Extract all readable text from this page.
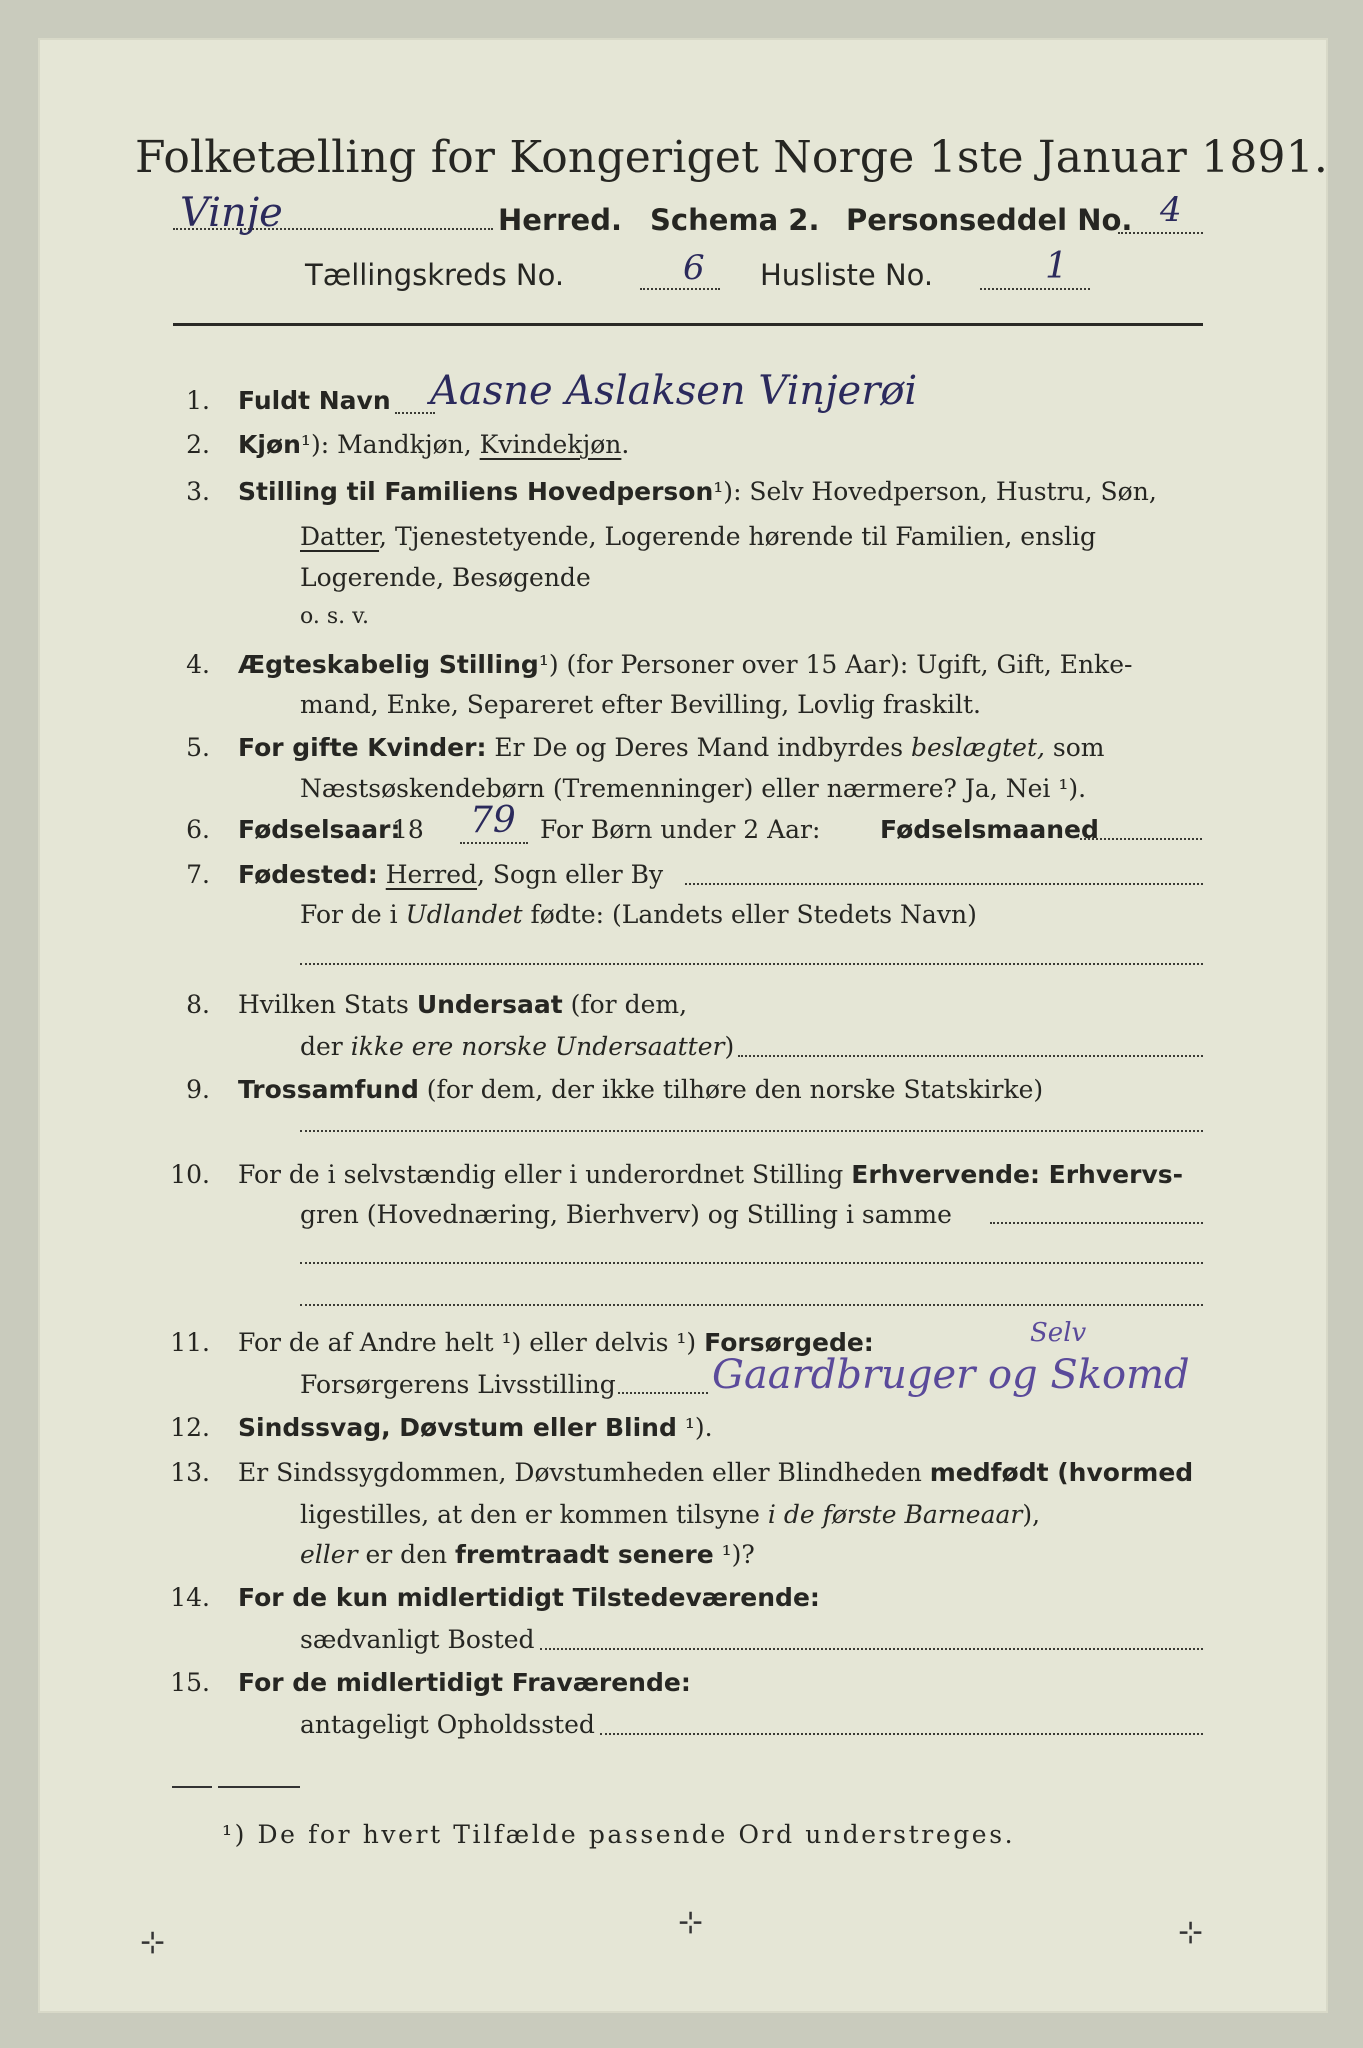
Folketælling for Kongeriget Norge 1ste Januar 1891.
Vinje	Herred. Schema 2. Personseddel No. 4
Tællingskreds No.	6 Husliste No.	1
1. Fuldt Navn Aasne Aslaksen Vinjerøi
2. Kjøn¹): Mandkjøn, Kvindekjøn.
3. Stilling til Familiens Hovedperson¹): Selv Hovedperson, Hustru, Søn,
Datter, Tjenestetyende, Logerende hørende til Familien, enslig
Logerende, Besøgende
o. s. v.
4. Ægteskabelig Stilling¹) (for Personer over 15 Aar): Ugift, Gift, Enke-
mand, Enke, Separeret efter Bevilling, Lovlig fraskilt.
5. For gifte Kvinder: Er De og Deres Mand indbyrdes beslægtet, som
Næstsøskendebørn (Tremenninger) eller nærmere? Ja, Nei ¹).
6. Fødselsaar:
18 79 For Børn under 2 Aar: Fødselsmaaned
7. Fødested: Herred, Sogn eller By
For de i Udlandet fødte: (Landets eller Stedets Navn)
8. Hvilken Stats Undersaat (for dem,
der ikke ere norske Undersaatter)
9. Trossamfund (for dem, der ikke tilhøre den norske Statskirke)
10. For de i selvstændig eller i underordnet Stilling Erhvervende: Erhvervs-
gren (Hovednæring, Bierhverv) og Stilling i samme
11. For de af Andre helt ¹) eller delvis ¹) Forsørgede:	Selv
Forsørgerens Livsstilling Gaardbruger og Skomd
12. Sindssvag, Døvstum eller Blind ¹).
13. Er Sindssygdommen, Døvstumheden eller Blindheden medfødt (hvormed
ligestilles, at den er kommen tilsyne i de første Barneaar),
eller er den fremtraadt senere ¹)?
14. For de kun midlertidigt Tilstedeværende:
sædvanligt Bosted
15. For de midlertidigt Fraværende:
antageligt Opholdssted
¹) De for hvert Tilfælde passende Ord understreges.
⊹
⊹	⊹
